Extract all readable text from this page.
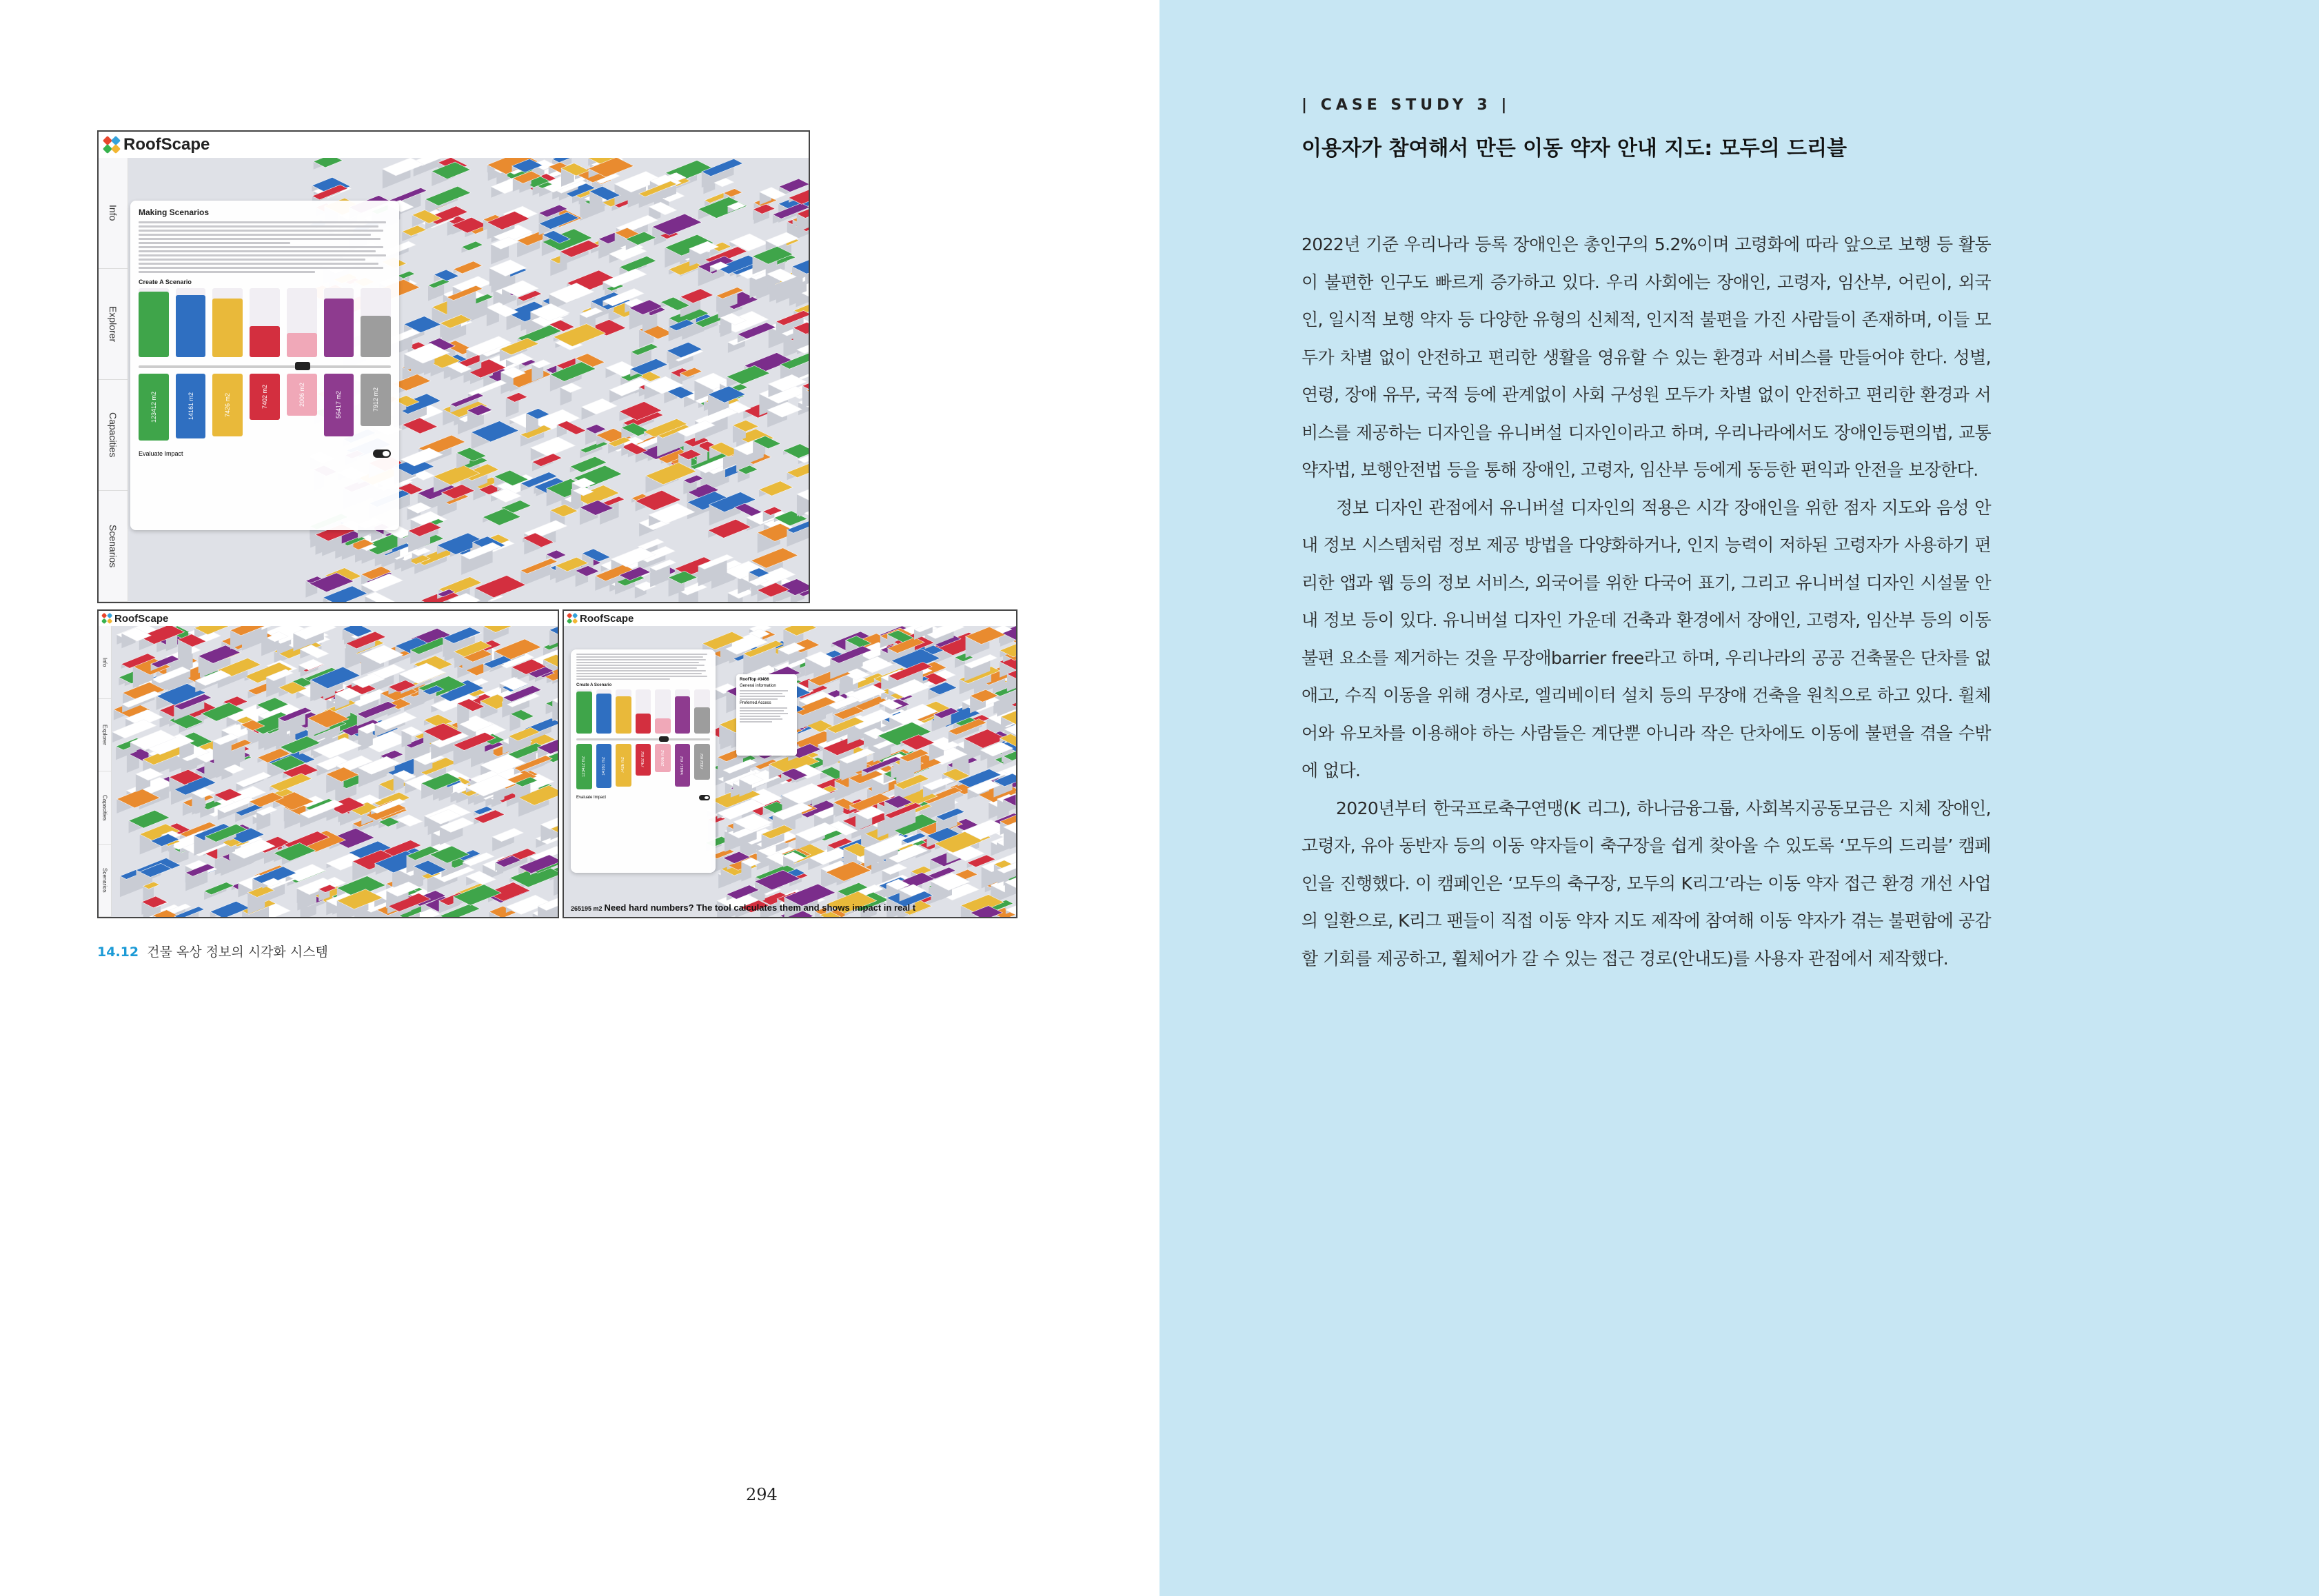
RoofScape
Info
Explorer
Capacities
Scenarios
Making Scenarios
Create A Scenario
123412 m2	14161 m2	7426 m2	7402 m2	2006 m2	56417 m2	7912 m2
Evaluate Impact
RoofScape
Info
Explorer
Capacities
Scenarios
RoofScape
Create A Scenario
123412 m2	14161 m2	7426 m2	7402 m2	2006 m2	56417 m2	7912 m2
Evaluate Impact
RoofTop #3466
General information
Preferred Access
265195 m2 Need hard numbers? The tool calculates them and shows impact in real t
14.12 건물 옥상 정보의 시각화 시스템
294
| CASE STUDY 3 |
이용자가 참여해서 만든 이동 약자 안내 지도: 모두의 드리블

2022년 기준 우리나라 등록 장애인은 총인구의 5.2%이며 고령화에 따라 앞으로 보행 등 활동이 불편한 인구도 빠르게 증가하고 있다. 우리 사회에는 장애인, 고령자, 임산부, 어린이, 외국인, 일시적 보행 약자 등 다양한 유형의 신체적, 인지적 불편을 가진 사람들이 존재하며, 이들 모두가 차별 없이 안전하고 편리한 생활을 영유할 수 있는 환경과 서비스를 만들어야 한다. 성별, 연령, 장애 유무, 국적 등에 관계없이 사회 구성원 모두가 차별 없이 안전하고 편리한 환경과 서비스를 제공하는 디자인을 유니버설 디자인이라고 하며, 우리나라에서도 장애인등편의법, 교통약자법, 보행안전법 등을 통해 장애인, 고령자, 임산부 등에게 동등한 편익과 안전을 보장한다.

정보 디자인 관점에서 유니버설 디자인의 적용은 시각 장애인을 위한 점자 지도와 음성 안내 정보 시스템처럼 정보 제공 방법을 다양화하거나, 인지 능력이 저하된 고령자가 사용하기 편리한 앱과 웹 등의 정보 서비스, 외국어를 위한 다국어 표기, 그리고 유니버설 디자인 시설물 안내 정보 등이 있다. 유니버설 디자인 가운데 건축과 환경에서 장애인, 고령자, 임산부 등의 이동 불편 요소를 제거하는 것을 무장애barrier free라고 하며, 우리나라의 공공 건축물은 단차를 없애고, 수직 이동을 위해 경사로, 엘리베이터 설치 등의 무장애 건축을 원칙으로 하고 있다. 휠체어와 유모차를 이용해야 하는 사람들은 계단뿐 아니라 작은 단차에도 이동에 불편을 겪을 수밖에 없다.

2020년부터 한국프로축구연맹(K 리그), 하나금융그룹, 사회복지공동모금은 지체 장애인, 고령자, 유아 동반자 등의 이동 약자들이 축구장을 쉽게 찾아올 수 있도록 ‘모두의 드리블’ 캠페인을 진행했다. 이 캠페인은 ‘모두의 축구장, 모두의 K리그’라는 이동 약자 접근 환경 개선 사업의 일환으로, K리그 팬들이 직접 이동 약자 지도 제작에 참여해 이동 약자가 겪는 불편함에 공감할 기회를 제공하고, 휠체어가 갈 수 있는 접근 경로(안내도)를 사용자 관점에서 제작했다.
